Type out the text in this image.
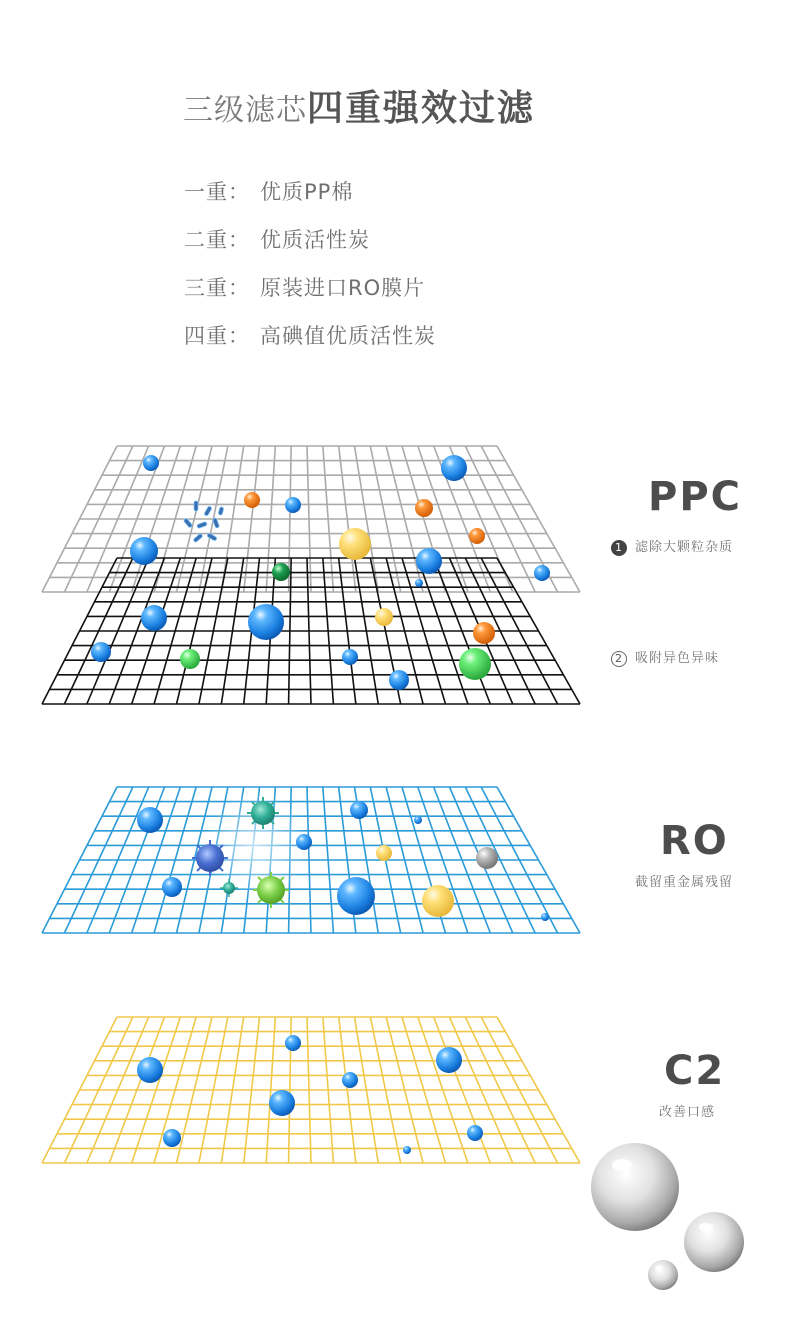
三级滤芯四重强效过滤
一重： 优质PP棉
二重： 优质活性炭
三重： 原装进口RO膜片
四重： 高碘值优质活性炭
PPC
1 滤除大颗粒杂质
2 吸附异色异味
RO
截留重金属残留
C2
改善口感
